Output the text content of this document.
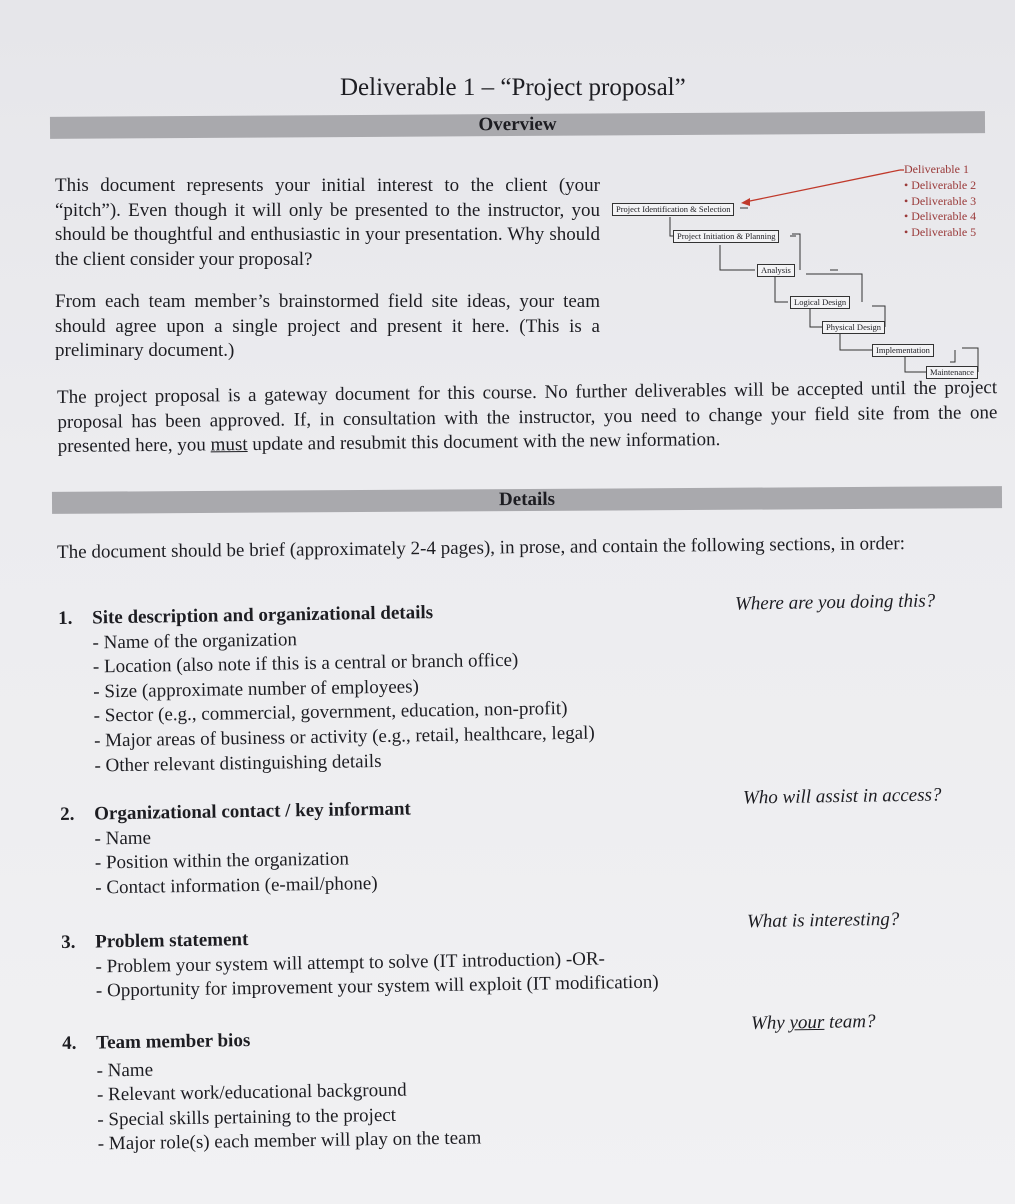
Deliverable 1 – “Project proposal”
Overview
This document represents your initial interest to the client (your “pitch”). Even though it will only be presented to the instructor, you should be thoughtful and enthusiastic in your presentation. Why should the client consider your proposal?
From each team member’s brainstormed field site ideas, your team should agree upon a single project and present it here. (This is a preliminary document.)
Project Identification & Selection
Project Initiation & Planning
Analysis
Logical Design
Physical Design
Implementation
Maintenance
Deliverable 1
• Deliverable 2
• Deliverable 3
• Deliverable 4
• Deliverable 5
The project proposal is a gateway document for this course. No further deliverables will be accepted until the project proposal has been approved. If, in consultation with the instructor, you need to change your field site from the one presented here, you must update and resubmit this document with the new information.
Details
The document should be brief (approximately 2-4 pages), in prose, and contain the following sections, in order:
1. Site description and organizational details
- Name of the organization
- Location (also note if this is a central or branch office)
- Size (approximate number of employees)
- Sector (e.g., commercial, government, education, non-profit)
- Major areas of business or activity (e.g., retail, healthcare, legal)
- Other relevant distinguishing details
Where are you doing this?
2. Organizational contact / key informant
- Name
- Position within the organization
- Contact information (e-mail/phone)
Who will assist in access?
3. Problem statement
- Problem your system will attempt to solve (IT introduction) -OR-
- Opportunity for improvement your system will exploit (IT modification)
What is interesting?
4. Team member bios
- Name
- Relevant work/educational background
- Special skills pertaining to the project
- Major role(s) each member will play on the team
Why your team?
